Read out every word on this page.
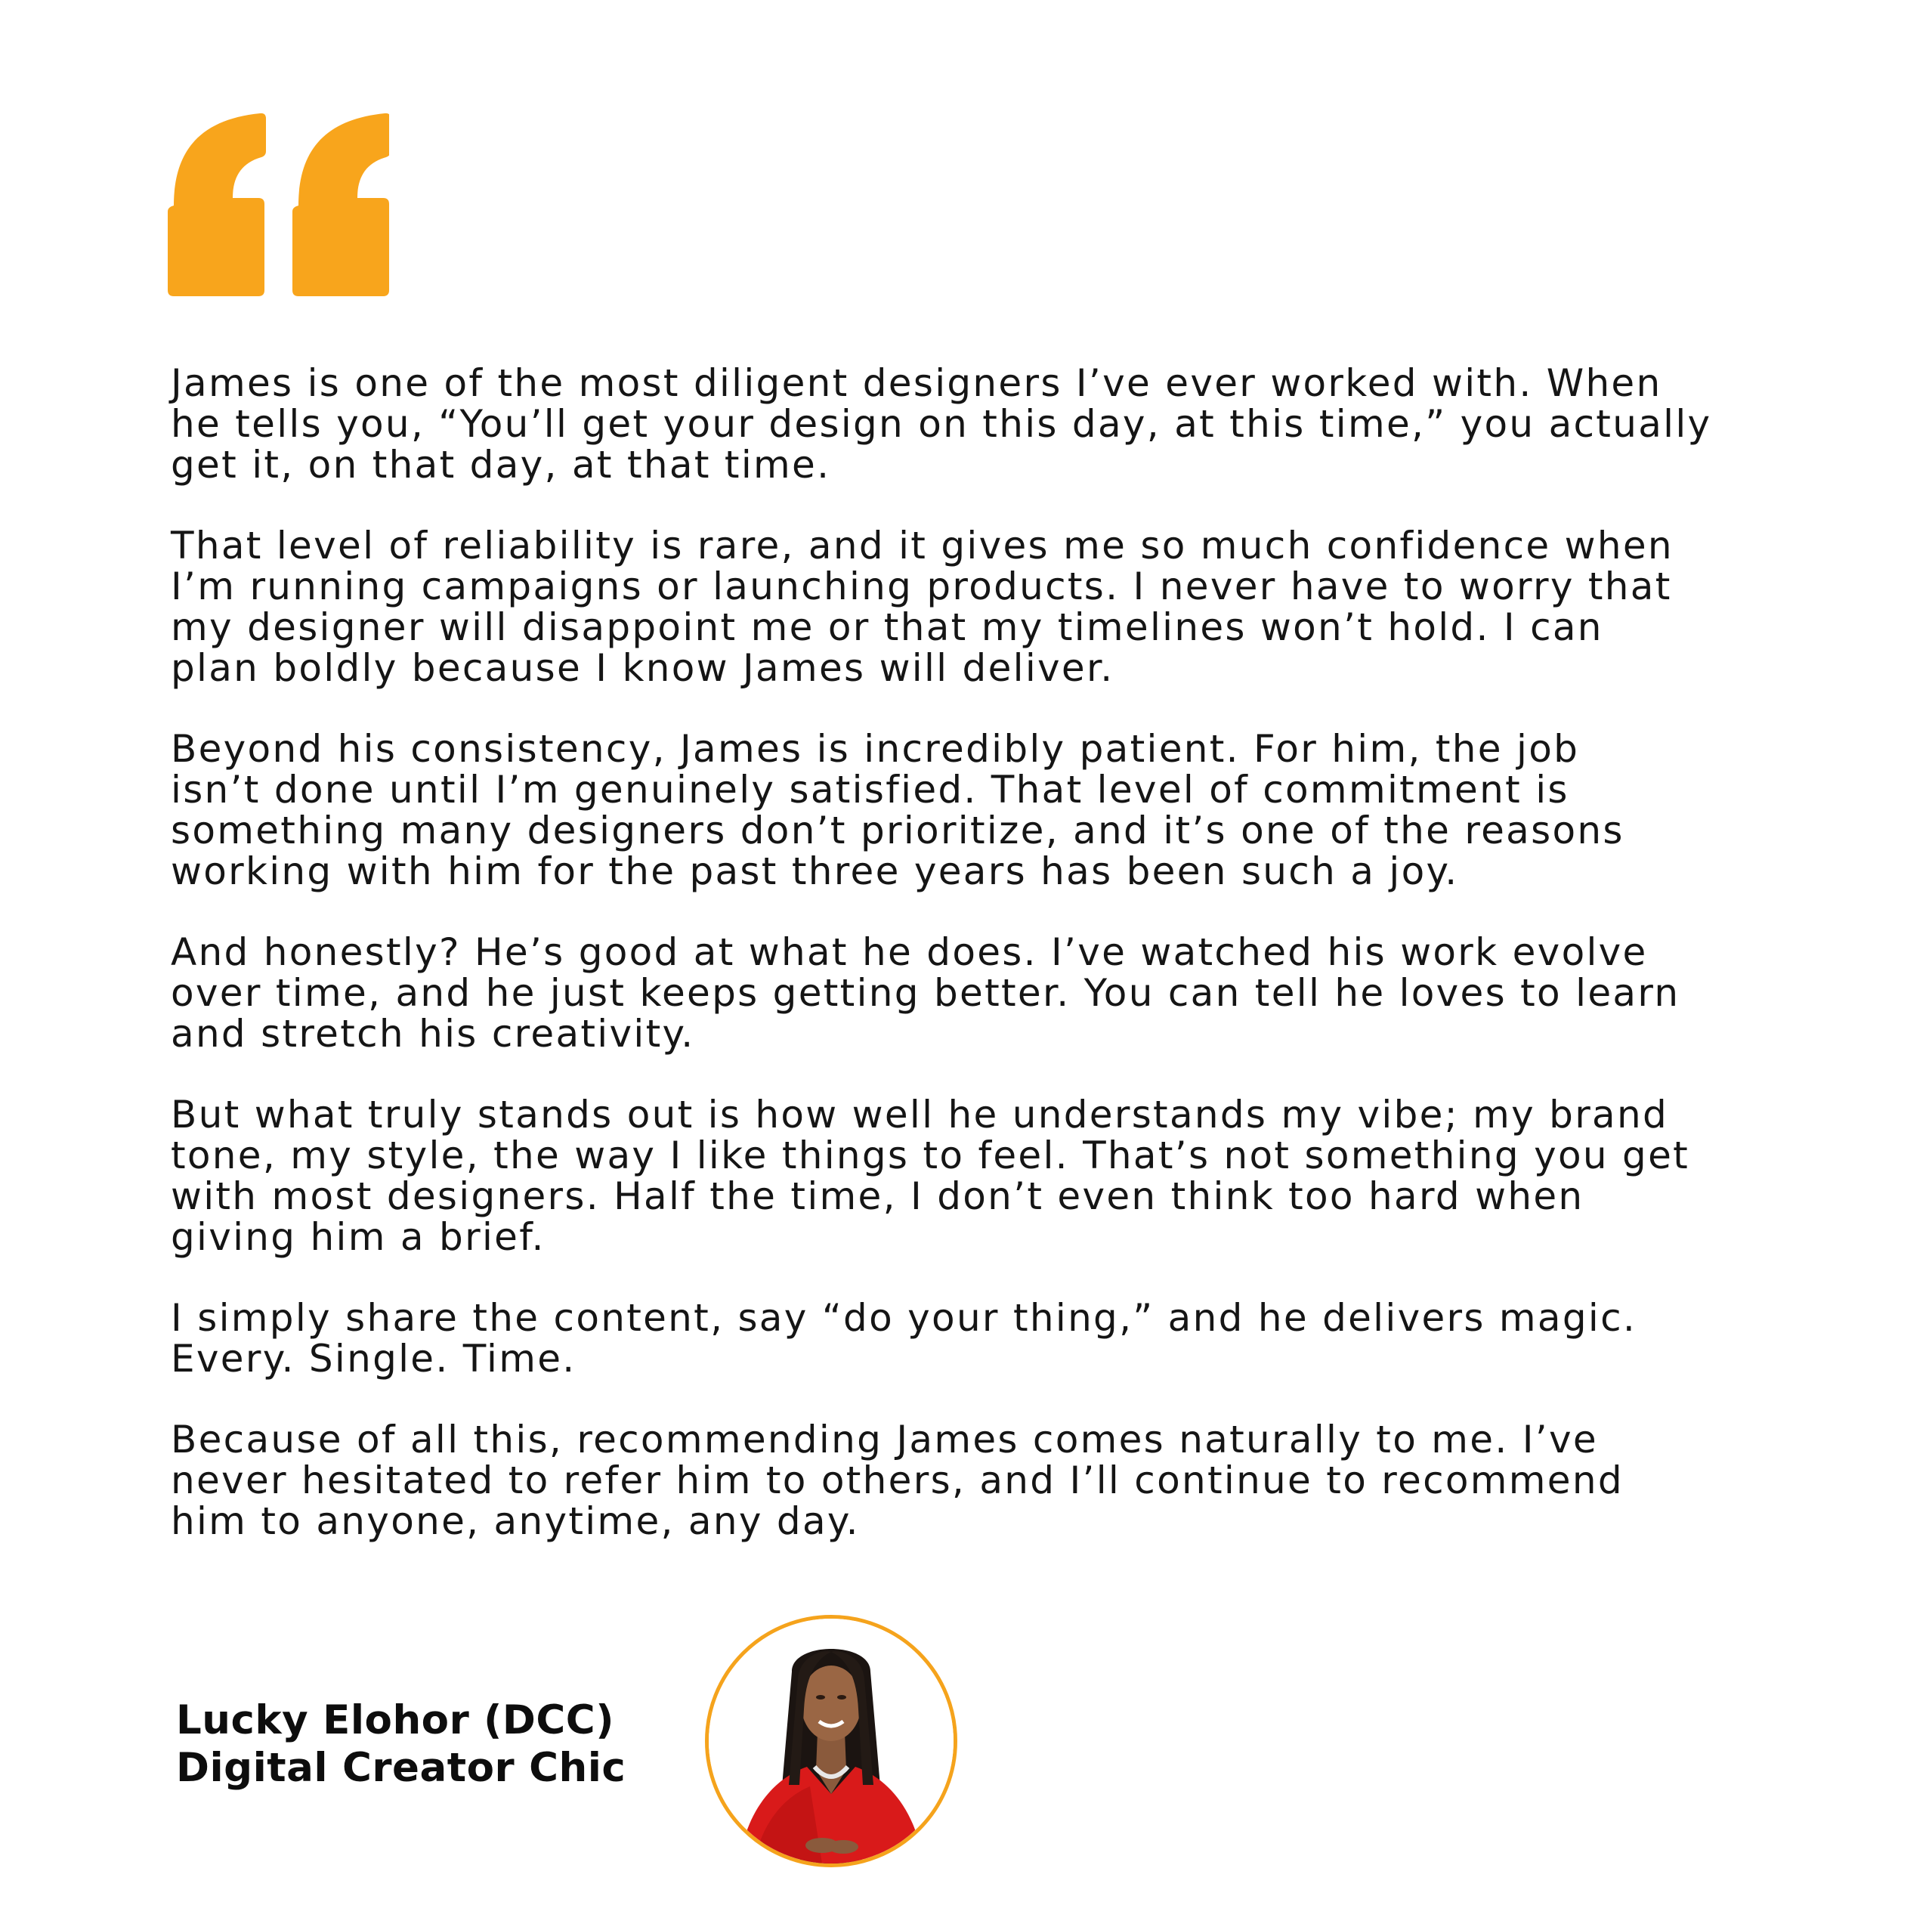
James is one of the most diligent designers I’ve ever worked with. When
he tells you, “You’ll get your design on this day, at this time,” you actually
get it, on that day, at that time.

That level of reliability is rare, and it gives me so much confidence when
I’m running campaigns or launching products. I never have to worry that
my designer will disappoint me or that my timelines won’t hold. I can
plan boldly because I know James will deliver.

Beyond his consistency, James is incredibly patient. For him, the job
isn’t done until I’m genuinely satisfied. That level of commitment is
something many designers don’t prioritize, and it’s one of the reasons
working with him for the past three years has been such a joy.

And honestly? He’s good at what he does. I’ve watched his work evolve
over time, and he just keeps getting better. You can tell he loves to learn
and stretch his creativity.

But what truly stands out is how well he understands my vibe; my brand
tone, my style, the way I like things to feel. That’s not something you get
with most designers. Half the time, I don’t even think too hard when
giving him a brief.

I simply share the content, say “do your thing,” and he delivers magic.
Every. Single. Time.

Because of all this, recommending James comes naturally to me. I’ve
never hesitated to refer him to others, and I’ll continue to recommend
him to anyone, anytime, any day.

Lucky Elohor (DCC)
Digital Creator Chic
